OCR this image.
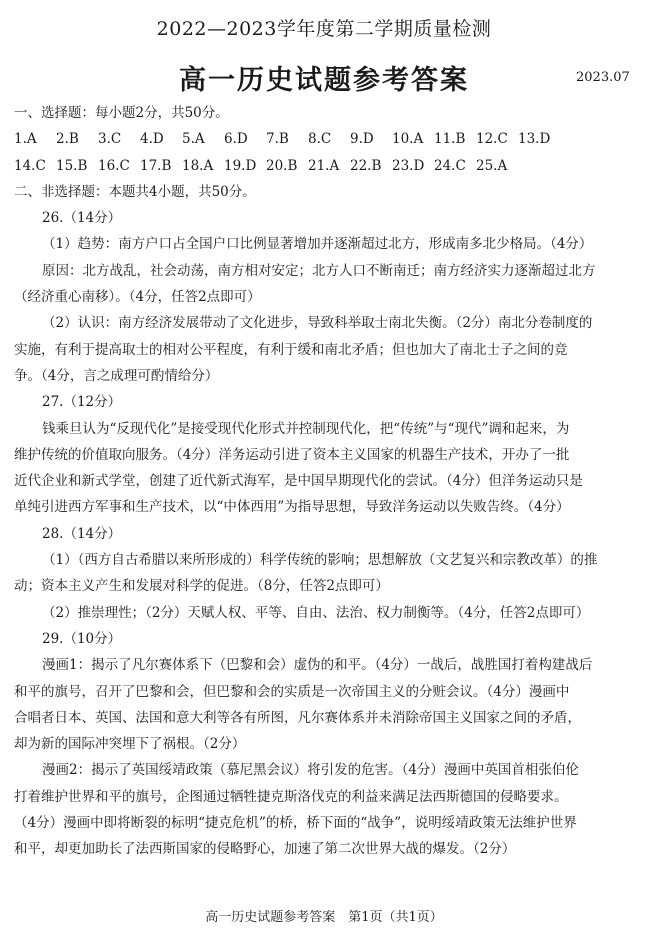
2022—2023学年度第二学期质量检测
高一历史试题参考答案	2023.07
一、选择题：每小题2分，共50分。
1.A 2.B 3.C 4.D 5.A 6.D 7.B 8.C 9.D 10.A 11.B 12.C 13.D
14.C 15.B 16.C 17.B 18.A 19.D 20.B 21.A 22.B 23.D 24.C 25.A
二、非选择题：本题共4小题，共50分。
26.（14分）
（1）趋势：南方户口占全国户口比例显著增加并逐渐超过北方，形成南多北少格局。（4分）
原因：北方战乱，社会动荡，南方相对安定；北方人口不断南迁；南方经济实力逐渐超过北方
（经济重心南移）。（4分，任答2点即可）
（2）认识：南方经济发展带动了文化进步，导致科举取士南北失衡。（2分）南北分卷制度的
实施，有利于提高取士的相对公平程度，有利于缓和南北矛盾；但也加大了南北士子之间的竞
争。（4分，言之成理可酌情给分）
27.（12分）
钱乘旦认为“反现代化”是接受现代化形式并控制现代化，把“传统”与“现代”调和起来，为
维护传统的价值取向服务。（4分）洋务运动引进了资本主义国家的机器生产技术，开办了一批
近代企业和新式学堂，创建了近代新式海军，是中国早期现代化的尝试。（4分）但洋务运动只是
单纯引进西方军事和生产技术，以“中体西用”为指导思想，导致洋务运动以失败告终。（4分）
28.（14分）
（1）（西方自古希腊以来所形成的）科学传统的影响；思想解放（文艺复兴和宗教改革）的推
动；资本主义产生和发展对科学的促进。（8分，任答2点即可）
（2）推崇理性；（2分）天赋人权、平等、自由、法治、权力制衡等。（4分，任答2点即可）
29.（10分）
漫画1：揭示了凡尔赛体系下（巴黎和会）虚伪的和平。（4分）一战后，战胜国打着构建战后
和平的旗号，召开了巴黎和会，但巴黎和会的实质是一次帝国主义的分赃会议。（4分）漫画中
合唱者日本、英国、法国和意大利等各有所图，凡尔赛体系并未消除帝国主义国家之间的矛盾，
却为新的国际冲突埋下了祸根。（2分）
漫画2：揭示了英国绥靖政策（慕尼黑会议）将引发的危害。（4分）漫画中英国首相张伯伦
打着维护世界和平的旗号，企图通过牺牲捷克斯洛伐克的利益来满足法西斯德国的侵略要求。
（4分）漫画中即将断裂的标明“捷克危机”的桥，桥下面的“战争”，说明绥靖政策无法维护世界
和平，却更加助长了法西斯国家的侵略野心，加速了第二次世界大战的爆发。（2分）
高一历史试题参考答案　第1页（共1页）
